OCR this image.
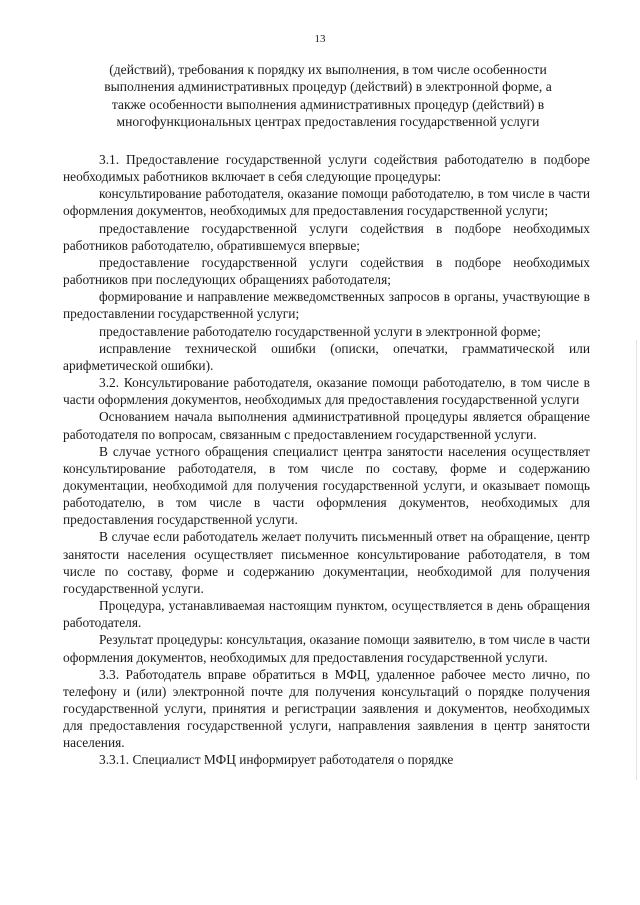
13
(действий), требования к порядку их выполнения, в том числе особенности
выполнения административных процедур (действий) в электронной форме, а
также особенности выполнения административных процедур (действий) в
многофункциональных центрах предоставления государственной услуги

3.1. Предоставление государственной услуги содействия работодателю в подборе необходимых работников включает в себя следующие процедуры:

консультирование работодателя, оказание помощи работодателю, в том числе в части оформления документов, необходимых для предоставления государственной услуги;

предоставление государственной услуги содействия в подборе необходимых работников работодателю, обратившемуся впервые;

предоставление государственной услуги содействия в подборе необходимых работников при последующих обращениях работодателя;

формирование и направление межведомственных запросов в органы, участвующие в предоставлении государственной услуги;

предоставление работодателю государственной услуги в электронной форме;

исправление технической ошибки (описки, опечатки, грамматической или арифметической ошибки).

3.2. Консультирование работодателя, оказание помощи работодателю, в том числе в части оформления документов, необходимых для предоставления государственной услуги

Основанием начала выполнения административной процедуры является обращение работодателя по вопросам, связанным с предоставлением государственной услуги.

В случае устного обращения специалист центра занятости населения осуществляет консультирование работодателя, в том числе по составу, форме и содержанию документации, необходимой для получения государственной услуги, и оказывает помощь работодателю, в том числе в части оформления документов, необходимых для предоставления государственной услуги.

В случае если работодатель желает получить письменный ответ на обращение, центр занятости населения осуществляет письменное консультирование работодателя, в том числе по составу, форме и содержанию документации, необходимой для получения государственной услуги.

Процедура, устанавливаемая настоящим пунктом, осуществляется в день обращения работодателя.

Результат процедуры: консультация, оказание помощи заявителю, в том числе в части оформления документов, необходимых для предоставления государственной услуги.

3.3. Работодатель вправе обратиться в МФЦ, удаленное рабочее место лично, по телефону и (или) электронной почте для получения консультаций о порядке получения государственной услуги, принятия и регистрации заявления и документов, необходимых для предоставления государственной услуги, направления заявления в центр занятости населения.

3.3.1. Специалист МФЦ информирует работодателя о порядке
